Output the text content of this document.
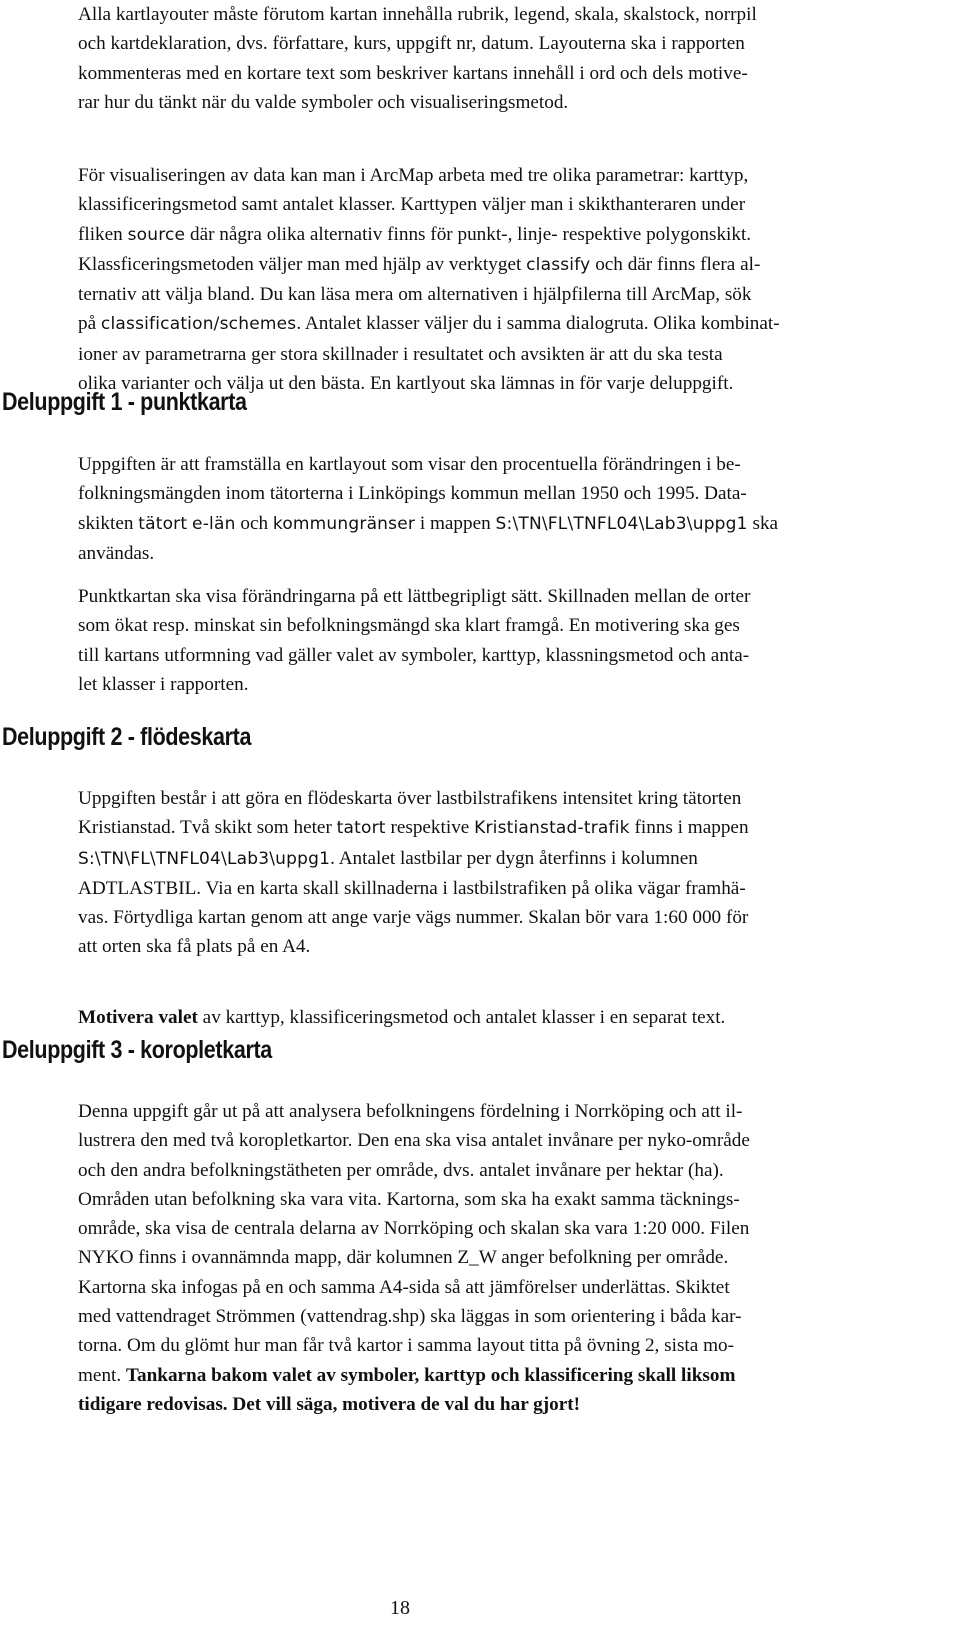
Alla kartlayouter måste förutom kartan innehålla rubrik, legend, skala, skalstock, norrpil
och kartdeklaration, dvs. författare, kurs, uppgift nr, datum. Layouterna ska i rapporten
kommenteras med en kortare text som beskriver kartans innehåll i ord och dels motive-
rar hur du tänkt när du valde symboler och visualiseringsmetod.

För visualiseringen av data kan man i ArcMap arbeta med tre olika parametrar: karttyp,
klassificeringsmetod samt antalet klasser. Karttypen väljer man i skikthanteraren under
fliken source där några olika alternativ finns för punkt-, linje- respektive polygonskikt.
Klassficeringsmetoden väljer man med hjälp av verktyget classify och där finns flera al-
ternativ att välja bland. Du kan läsa mera om alternativen i hjälpfilerna till ArcMap, sök
på classification/schemes. Antalet klasser väljer du i samma dialogruta. Olika kombinat-
ioner av parametrarna ger stora skillnader i resultatet och avsikten är att du ska testa
olika varianter och välja ut den bästa. En kartlyout ska lämnas in för varje deluppgift.

Deluppgift 1 - punktkarta

Uppgiften är att framställa en kartlayout som visar den procentuella förändringen i be-
folkningsmängden inom tätorterna i Linköpings kommun mellan 1950 och 1995. Data-
skikten tätort e-län och kommungränser i mappen S:\TN\FL\TNFL04\Lab3\uppg1 ska
användas.

Punktkartan ska visa förändringarna på ett lättbegripligt sätt. Skillnaden mellan de orter
som ökat resp. minskat sin befolkningsmängd ska klart framgå. En motivering ska ges
till kartans utformning vad gäller valet av symboler, karttyp, klassningsmetod och anta-
let klasser i rapporten.

Deluppgift 2 - flödeskarta

Uppgiften består i att göra en flödeskarta över lastbilstrafikens intensitet kring tätorten
Kristianstad. Två skikt som heter tatort respektive Kristianstad-trafik finns i mappen
S:\TN\FL\TNFL04\Lab3\uppg1. Antalet lastbilar per dygn återfinns i kolumnen
ADTLASTBIL. Via en karta skall skillnaderna i lastbilstrafiken på olika vägar framhä-
vas. Förtydliga kartan genom att ange varje vägs nummer. Skalan bör vara 1:60 000 för
att orten ska få plats på en A4.

Motivera valet av karttyp, klassificeringsmetod och antalet klasser i en separat text.

Deluppgift 3 - koropletkarta

Denna uppgift går ut på att analysera befolkningens fördelning i Norrköping och att il-
lustrera den med två koropletkartor. Den ena ska visa antalet invånare per nyko-område
och den andra befolkningstätheten per område, dvs. antalet invånare per hektar (ha).
Områden utan befolkning ska vara vita. Kartorna, som ska ha exakt samma täcknings-
område, ska visa de centrala delarna av Norrköping och skalan ska vara 1:20 000. Filen
NYKO finns i ovannämnda mapp, där kolumnen Z_W anger befolkning per område.
Kartorna ska infogas på en och samma A4-sida så att jämförelser underlättas. Skiktet
med vattendraget Strömmen (vattendrag.shp) ska läggas in som orientering i båda kar-
torna. Om du glömt hur man får två kartor i samma layout titta på övning 2, sista mo-
ment. Tankarna bakom valet av symboler, karttyp och klassificering skall liksom
tidigare redovisas. Det vill säga, motivera de val du har gjort!

18
